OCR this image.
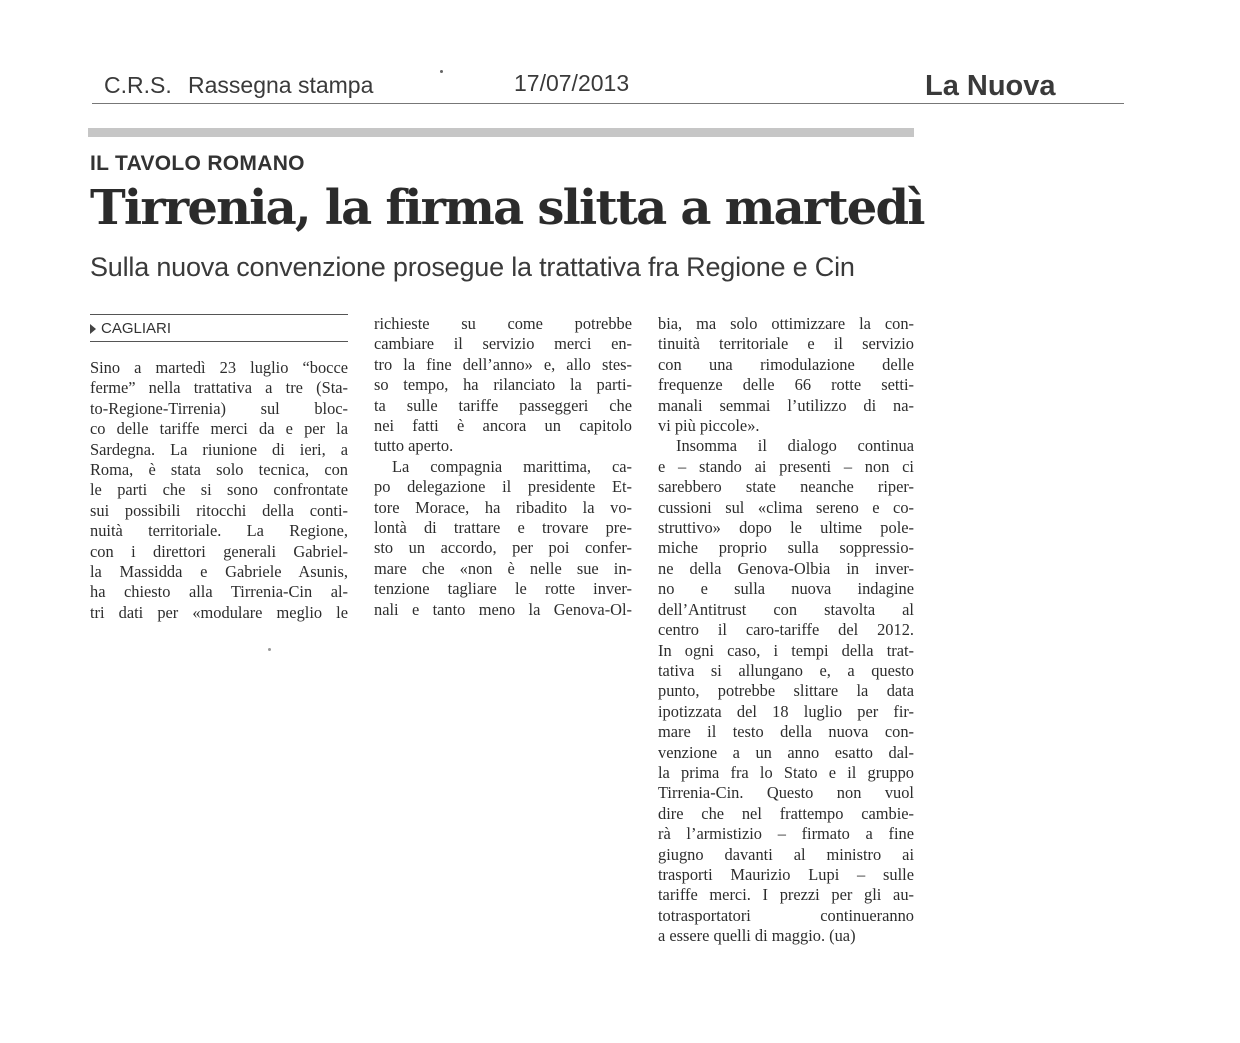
C.R.S. Rassegna stampa	17/07/2013	La Nuova
IL TAVOLO ROMANO
Tirrenia, la firma slitta a martedì
Sulla nuova convenzione prosegue la trattativa fra Regione e Cin
CAGLIARI

Sino a martedì 23 luglio “bocce

ferme” nella trattativa a tre (Sta-

to-Regione-Tirrenia) sul bloc-

co delle tariffe merci da e per la

Sardegna. La riunione di ieri, a

Roma, è stata solo tecnica, con

le parti che si sono confrontate

sui possibili ritocchi della conti-

nuità territoriale. La Regione,

con i direttori generali Gabriel-

la Massidda e Gabriele Asunis,

ha chiesto alla Tirrenia-Cin al-

tri dati per «modulare meglio le

richieste su come potrebbe

cambiare il servizio merci en-

tro la fine dell’anno» e, allo stes-

so tempo, ha rilanciato la parti-

ta sulle tariffe passeggeri che

nei fatti è ancora un capitolo

tutto aperto.

La compagnia marittima, ca-

po delegazione il presidente Et-

tore Morace, ha ribadito la vo-

lontà di trattare e trovare pre-

sto un accordo, per poi confer-

mare che «non è nelle sue in-

tenzione tagliare le rotte inver-

nali e tanto meno la Genova-Ol-

bia, ma solo ottimizzare la con-

tinuità territoriale e il servizio

con una rimodulazione delle

frequenze delle 66 rotte setti-

manali semmai l’utilizzo di na-

vi più piccole».

Insomma il dialogo continua

e – stando ai presenti – non ci

sarebbero state neanche riper-

cussioni sul «clima sereno e co-

struttivo» dopo le ultime pole-

miche proprio sulla soppressio-

ne della Genova-Olbia in inver-

no e sulla nuova indagine

dell’Antitrust con stavolta al

centro il caro-tariffe del 2012.

In ogni caso, i tempi della trat-

tativa si allungano e, a questo

punto, potrebbe slittare la data

ipotizzata del 18 luglio per fir-

mare il testo della nuova con-

venzione a un anno esatto dal-

la prima fra lo Stato e il gruppo

Tirrenia-Cin. Questo non vuol

dire che nel frattempo cambie-

rà l’armistizio – firmato a fine

giugno davanti al ministro ai

trasporti Maurizio Lupi – sulle

tariffe merci. I prezzi per gli au-

totrasportatori continueranno

a essere quelli di maggio. (ua)
